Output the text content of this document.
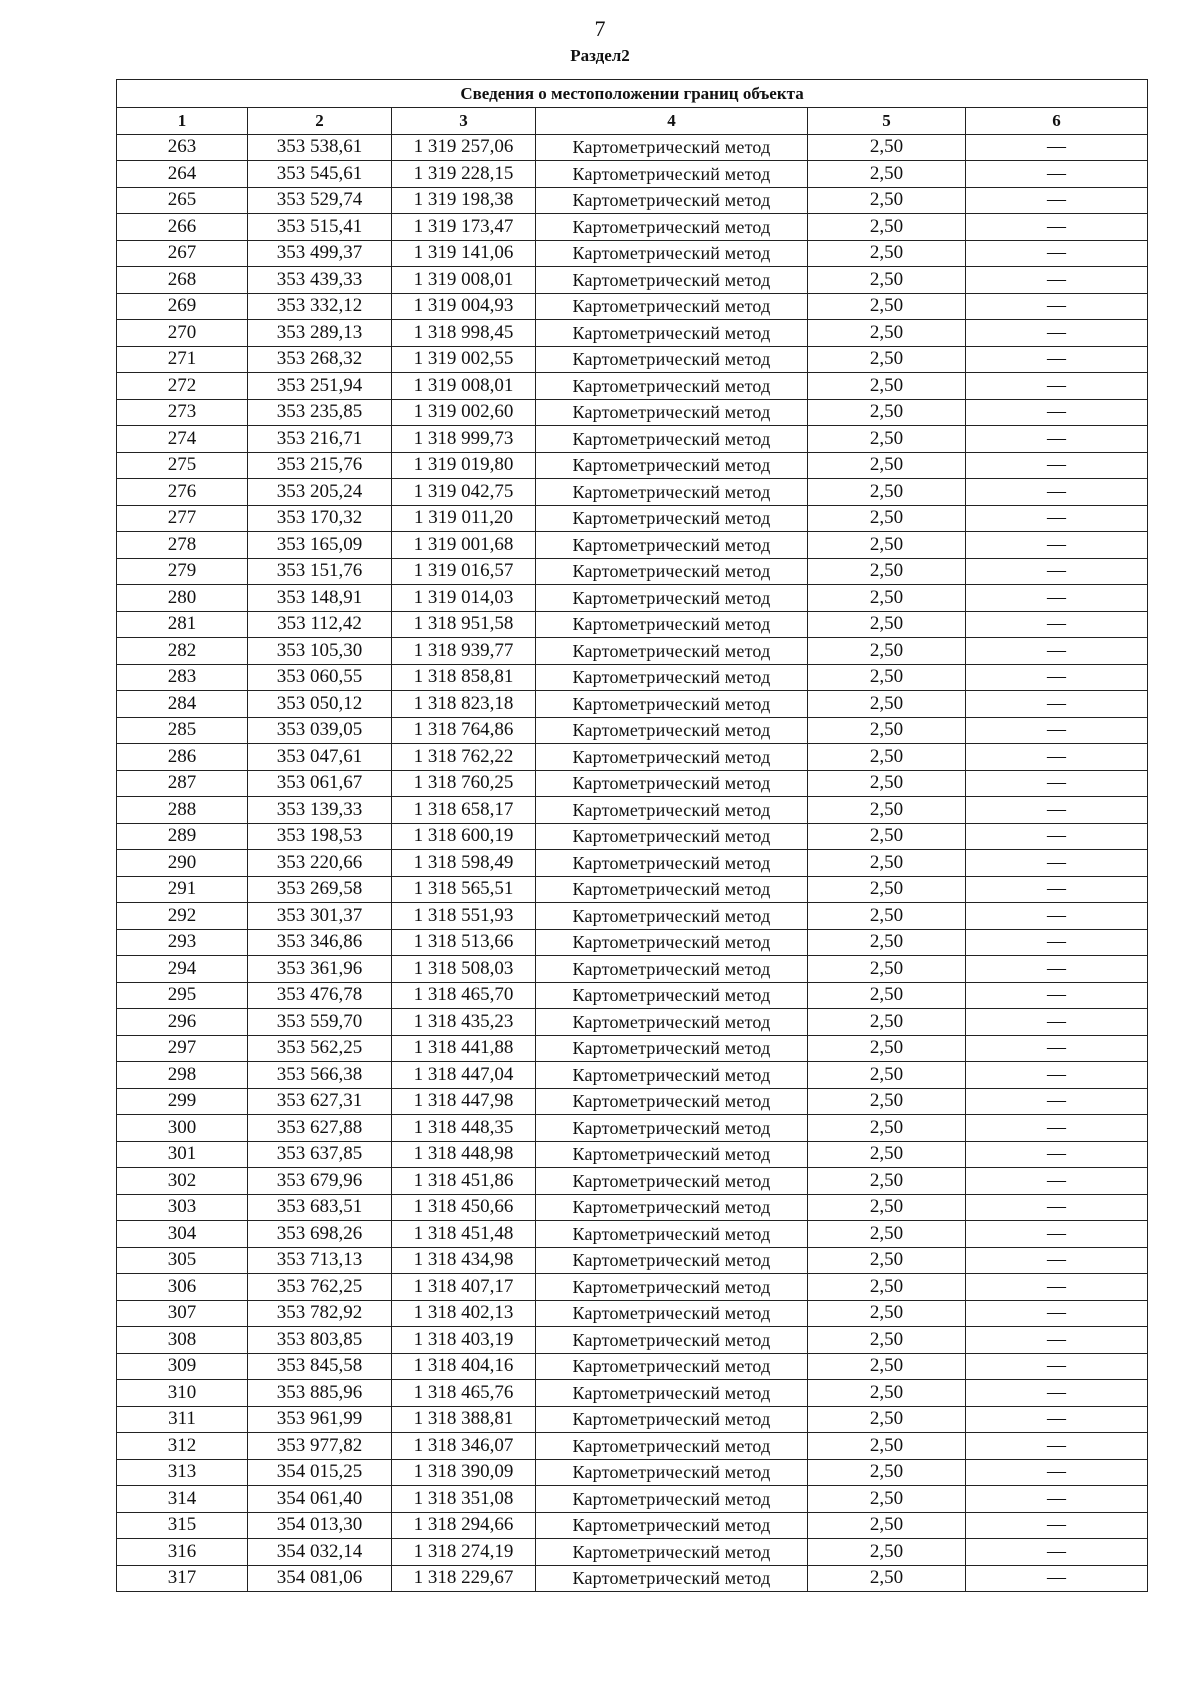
7
Раздел2
Сведения о местоположении границ объекта					
1	2	3	4	5	6
263	353 538,61	1 319 257,06	Картометрический метод	2,50	—
264	353 545,61	1 319 228,15	Картометрический метод	2,50	—
265	353 529,74	1 319 198,38	Картометрический метод	2,50	—
266	353 515,41	1 319 173,47	Картометрический метод	2,50	—
267	353 499,37	1 319 141,06	Картометрический метод	2,50	—
268	353 439,33	1 319 008,01	Картометрический метод	2,50	—
269	353 332,12	1 319 004,93	Картометрический метод	2,50	—
270	353 289,13	1 318 998,45	Картометрический метод	2,50	—
271	353 268,32	1 319 002,55	Картометрический метод	2,50	—
272	353 251,94	1 319 008,01	Картометрический метод	2,50	—
273	353 235,85	1 319 002,60	Картометрический метод	2,50	—
274	353 216,71	1 318 999,73	Картометрический метод	2,50	—
275	353 215,76	1 319 019,80	Картометрический метод	2,50	—
276	353 205,24	1 319 042,75	Картометрический метод	2,50	—
277	353 170,32	1 319 011,20	Картометрический метод	2,50	—
278	353 165,09	1 319 001,68	Картометрический метод	2,50	—
279	353 151,76	1 319 016,57	Картометрический метод	2,50	—
280	353 148,91	1 319 014,03	Картометрический метод	2,50	—
281	353 112,42	1 318 951,58	Картометрический метод	2,50	—
282	353 105,30	1 318 939,77	Картометрический метод	2,50	—
283	353 060,55	1 318 858,81	Картометрический метод	2,50	—
284	353 050,12	1 318 823,18	Картометрический метод	2,50	—
285	353 039,05	1 318 764,86	Картометрический метод	2,50	—
286	353 047,61	1 318 762,22	Картометрический метод	2,50	—
287	353 061,67	1 318 760,25	Картометрический метод	2,50	—
288	353 139,33	1 318 658,17	Картометрический метод	2,50	—
289	353 198,53	1 318 600,19	Картометрический метод	2,50	—
290	353 220,66	1 318 598,49	Картометрический метод	2,50	—
291	353 269,58	1 318 565,51	Картометрический метод	2,50	—
292	353 301,37	1 318 551,93	Картометрический метод	2,50	—
293	353 346,86	1 318 513,66	Картометрический метод	2,50	—
294	353 361,96	1 318 508,03	Картометрический метод	2,50	—
295	353 476,78	1 318 465,70	Картометрический метод	2,50	—
296	353 559,70	1 318 435,23	Картометрический метод	2,50	—
297	353 562,25	1 318 441,88	Картометрический метод	2,50	—
298	353 566,38	1 318 447,04	Картометрический метод	2,50	—
299	353 627,31	1 318 447,98	Картометрический метод	2,50	—
300	353 627,88	1 318 448,35	Картометрический метод	2,50	—
301	353 637,85	1 318 448,98	Картометрический метод	2,50	—
302	353 679,96	1 318 451,86	Картометрический метод	2,50	—
303	353 683,51	1 318 450,66	Картометрический метод	2,50	—
304	353 698,26	1 318 451,48	Картометрический метод	2,50	—
305	353 713,13	1 318 434,98	Картометрический метод	2,50	—
306	353 762,25	1 318 407,17	Картометрический метод	2,50	—
307	353 782,92	1 318 402,13	Картометрический метод	2,50	—
308	353 803,85	1 318 403,19	Картометрический метод	2,50	—
309	353 845,58	1 318 404,16	Картометрический метод	2,50	—
310	353 885,96	1 318 465,76	Картометрический метод	2,50	—
311	353 961,99	1 318 388,81	Картометрический метод	2,50	—
312	353 977,82	1 318 346,07	Картометрический метод	2,50	—
313	354 015,25	1 318 390,09	Картометрический метод	2,50	—
314	354 061,40	1 318 351,08	Картометрический метод	2,50	—
315	354 013,30	1 318 294,66	Картометрический метод	2,50	—
316	354 032,14	1 318 274,19	Картометрический метод	2,50	—
317	354 081,06	1 318 229,67	Картометрический метод	2,50	—
